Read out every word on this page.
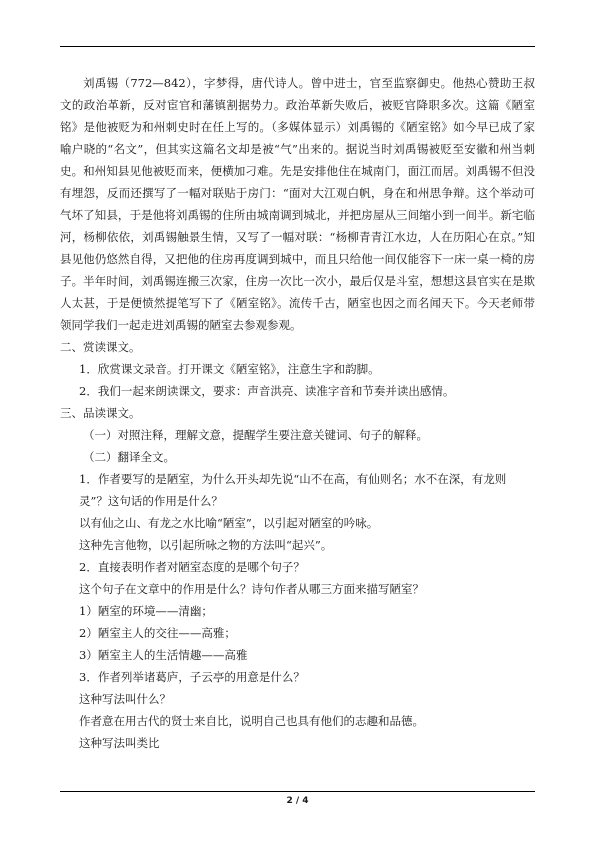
刘禹锡（772—842），字梦得，唐代诗人。曾中进士，官至监察御史。他热心赞助王叔文的政治革新，反对宦官和藩镇割据势力。政治革新失败后，被贬官降职多次。这篇《陋室铭》是他被贬为和州刺史时在任上写的。（多媒体显示）刘禹锡的《陋室铭》如今早已成了家喻户晓的“名文”，但其实这篇名文却是被“气”出来的。据说当时刘禹锡被贬至安徽和州当刺史。和州知县见他被贬而来，便横加刁难。先是安排他住在城南门，面江而居。刘禹锡不但没有埋怨，反而还撰写了一幅对联贴于房门：“面对大江观白帆，身在和州思争辩。这个举动可气坏了知县，于是他将刘禹锡的住所由城南调到城北，并把房屋从三间缩小到一间半。新宅临河，杨柳依依，刘禹锡触景生情，又写了一幅对联：“杨柳青青江水边，人在历阳心在京。”知县见他仍悠然自得，又把他的住房再度调到城中，而且只给他一间仅能容下一床一桌一椅的房子。半年时间，刘禹锡连搬三次家，住房一次比一次小，最后仅是斗室，想想这县官实在是欺人太甚，于是便愤然提笔写下了《陋室铭》。流传千古，陋室也因之而名闻天下。今天老师带领同学我们一起走进刘禹锡的陋室去参观参观。

二、赏读课文。

1．欣赏课文录音。打开课文《陋室铭》，注意生字和韵脚。

2．我们一起来朗读课文，要求：声音洪亮、读准字音和节奏并读出感情。

三、品读课文。

（一）对照注释，理解文意，提醒学生要注意关键词、句子的解释。

（二）翻译全文。

1．作者要写的是陋室，为什么开头却先说“山不在高，有仙则名；水不在深，有龙则灵”？这句话的作用是什么？

以有仙之山、有龙之水比喻“陋室”，以引起对陋室的吟咏。

这种先言他物，以引起所咏之物的方法叫“起兴”。

2．直接表明作者对陋室态度的是哪个句子？

这个句子在文章中的作用是什么？诗句作者从哪三方面来描写陋室？

1）陋室的环境——清幽；

2）陋室主人的交往——高雅；

3）陋室主人的生活情趣——高雅

3．作者列举诸葛庐，子云亭的用意是什么？

这种写法叫什么？

作者意在用古代的贤士来自比，说明自己也具有他们的志趣和品德。

这种写法叫类比

2 / 4
